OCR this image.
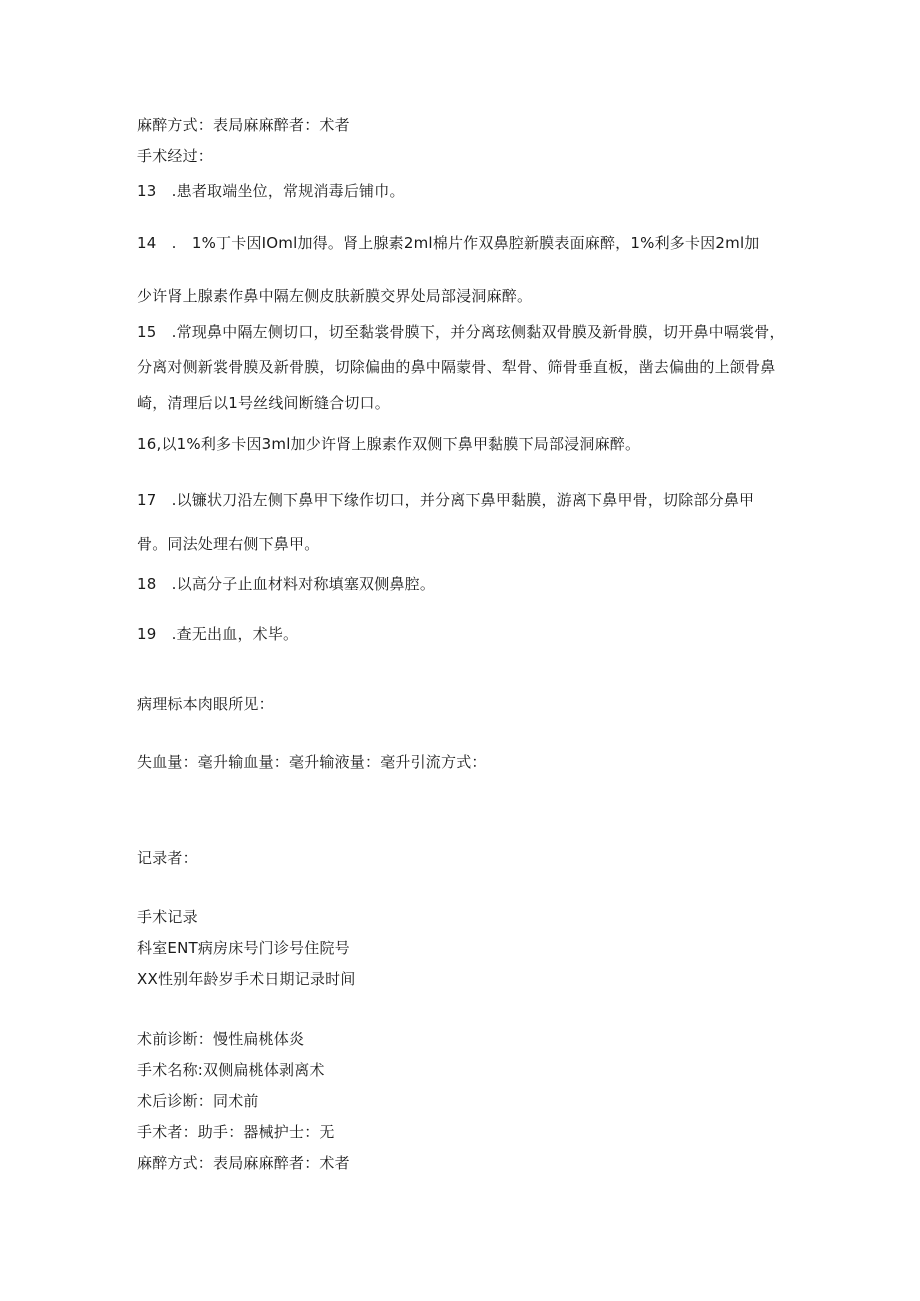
麻醉方式：表局麻麻醉者：术者
手术经过：
13　.患者取端坐位，常规消毒后铺巾。
14　.　1%丁卡因IOml加得。肾上腺素2ml棉片作双鼻腔新膜表面麻醉，1%利多卡因2ml加
少许肾上腺素作鼻中隔左侧皮肤新膜交界处局部浸洞麻醉。
15　.常现鼻中隔左侧切口，切至黏裳骨膜下，并分离玹侧黏双骨膜及新骨膜，切开鼻中嗝裳骨，
分离对侧新裳骨膜及新骨膜，切除偏曲的鼻中隔蒙骨、犁骨、筛骨垂直板，凿去偏曲的上颌骨鼻
崎，清理后以1号丝线间断缝合切口。
16,以1%利多卡因3ml加少许肾上腺素作双侧下鼻甲黏膜下局部浸洞麻醉。
17　.以镰状刀沿左侧下鼻甲下缘作切口，并分离下鼻甲黏膜，游离下鼻甲骨，切除部分鼻甲
骨。同法处理右侧下鼻甲。
18　.以高分子止血材料对称填塞双侧鼻腔。
19　.查无出血，术毕。
病理标本肉眼所见：
失血量：毫升输血量：毫升输液量：毫升引流方式：
记录者：
手术记录
科室ENT病房床号门诊号住院号
XX性别年龄岁手术日期记录时间
术前诊断：慢性扁桃体炎
手术名称:双侧扁桃体剥离术
术后诊断：同术前
手术者：助手：器械护士：无
麻醉方式：表局麻麻醉者：术者
